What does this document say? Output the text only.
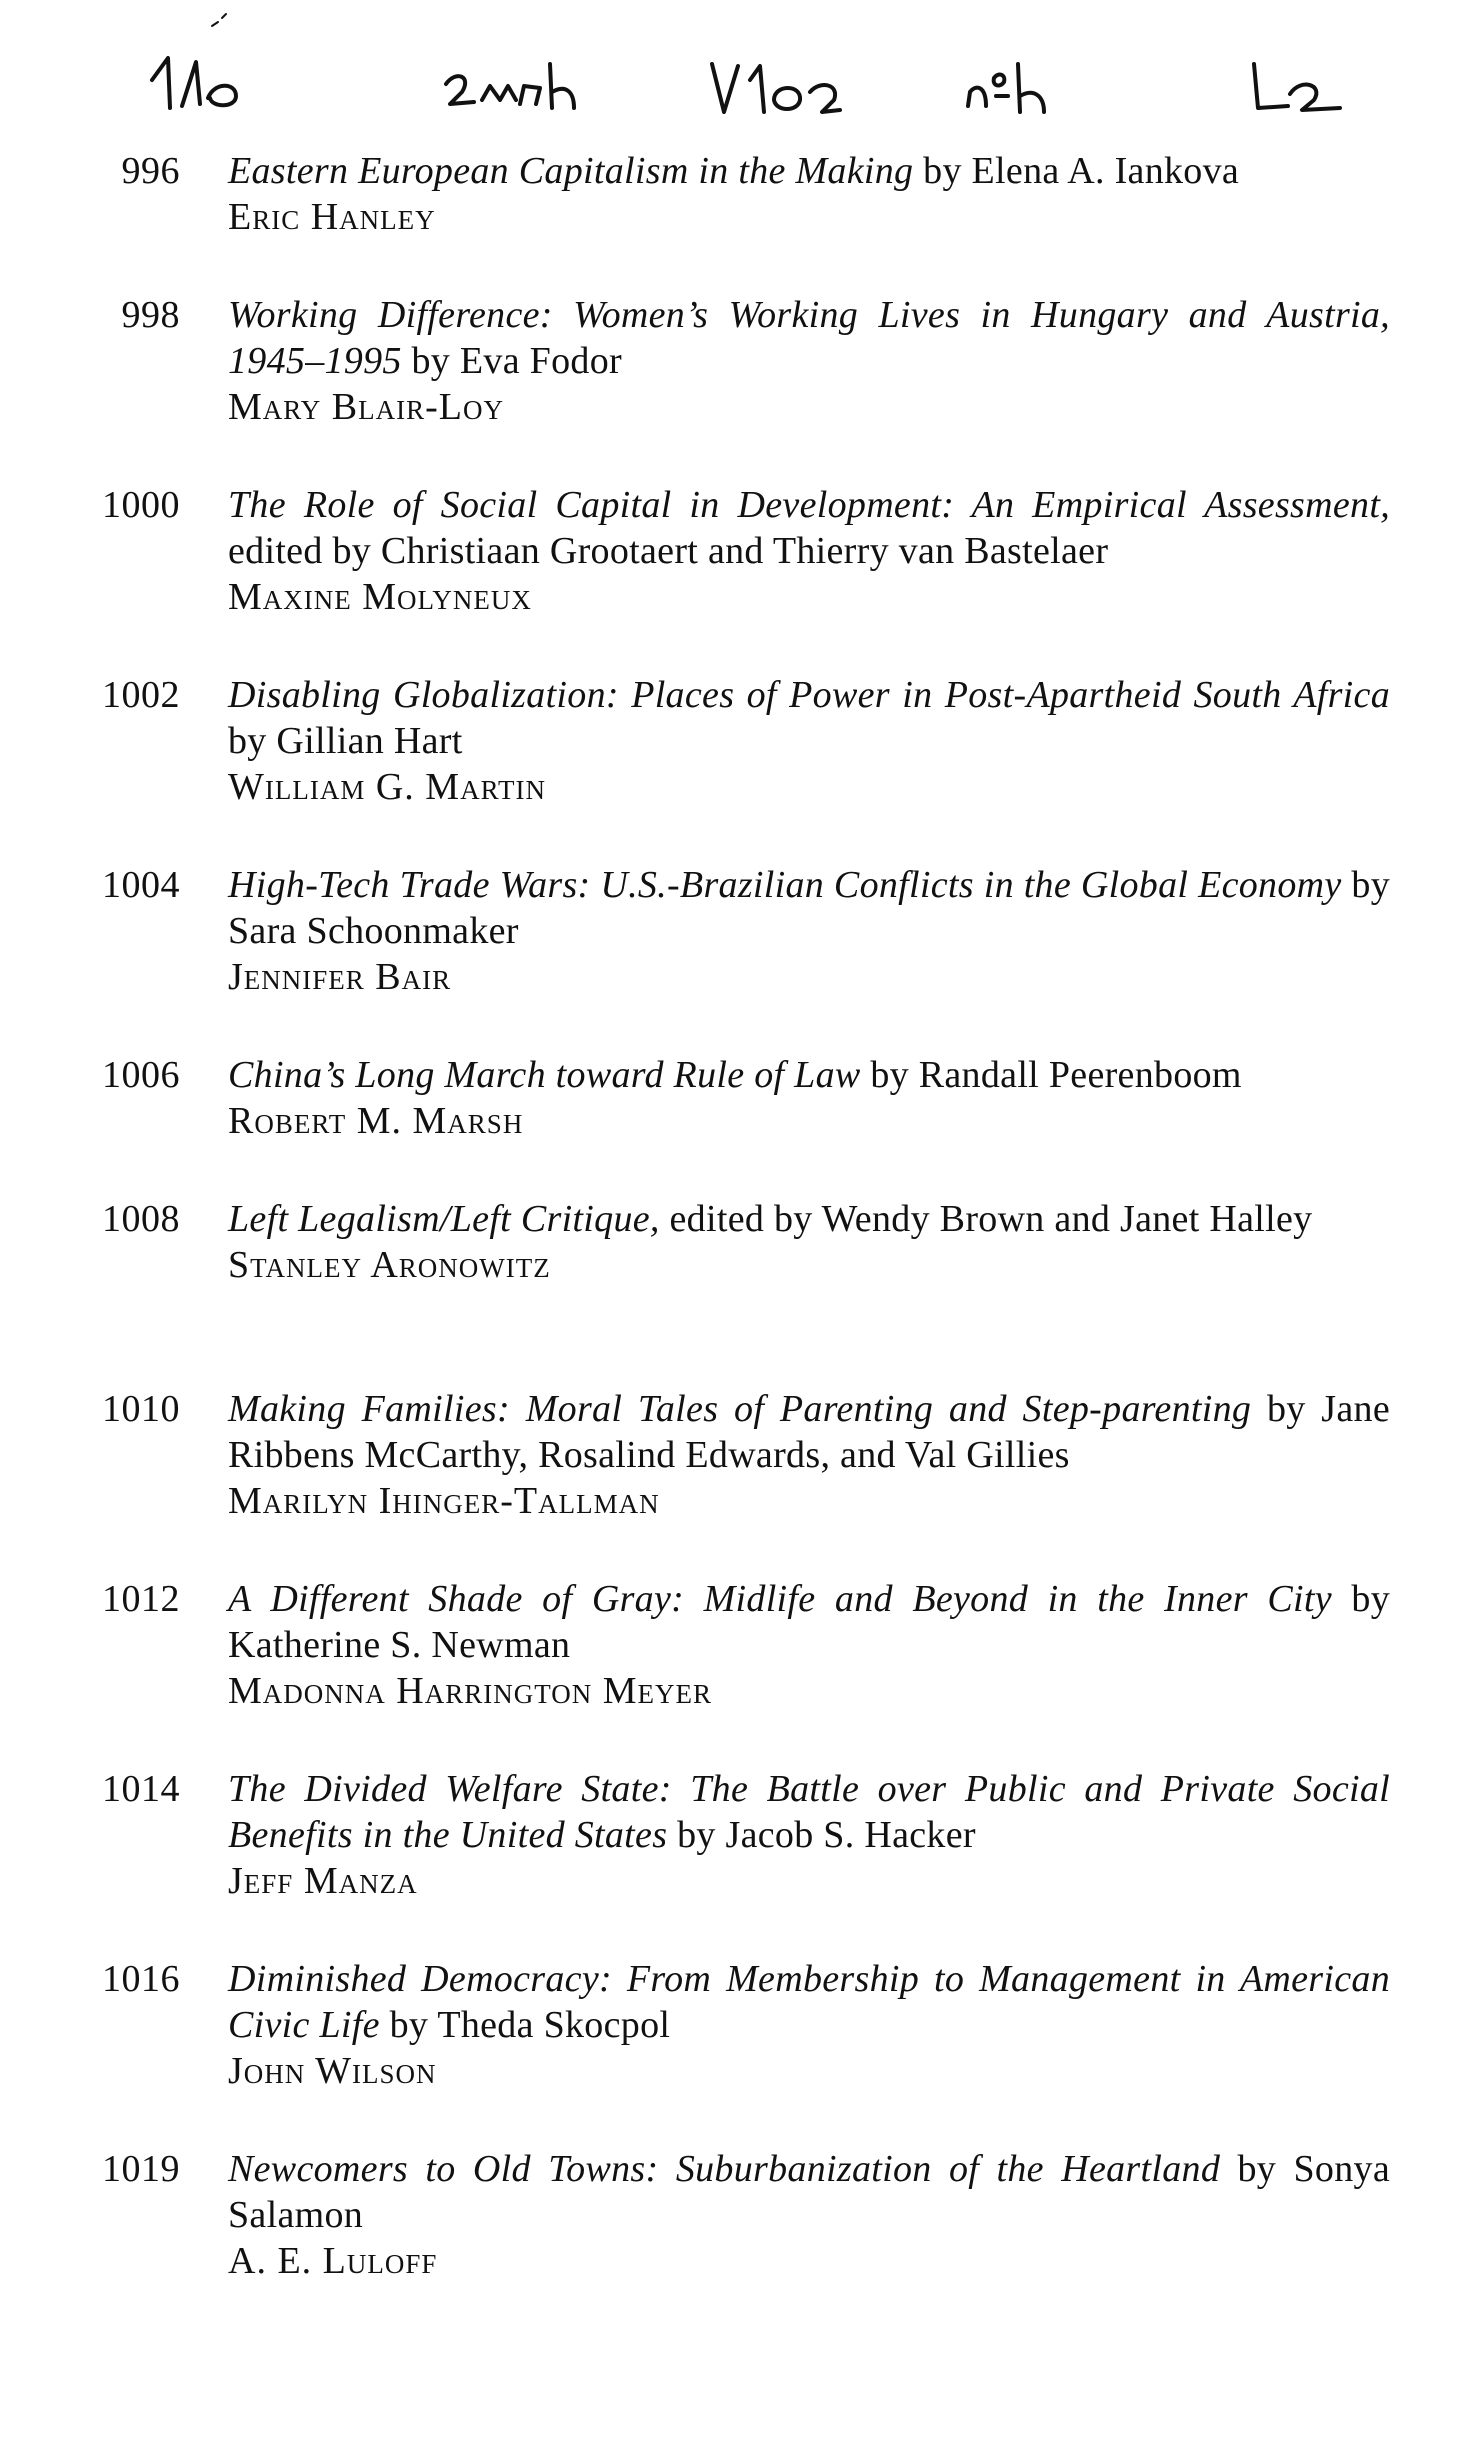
996 Eastern European Capitalism in the Making by Elena A. Iankova
Eric Hanley
998 Working Difference: Women’s Working Lives in Hungary and Austria, 1945–1995 by Eva Fodor
Mary Blair-Loy
1000 The Role of Social Capital in Development: An Empirical Assessment, edited by Christiaan Grootaert and Thierry van Bastelaer
Maxine Molyneux
1002 Disabling Globalization: Places of Power in Post-Apartheid South Africa by Gillian Hart
William G. Martin
1004 High-Tech Trade Wars: U.S.-Brazilian Conflicts in the Global Economy by Sara Schoonmaker
Jennifer Bair
1006 China’s Long March toward Rule of Law by Randall Peerenboom
Robert M. Marsh
1008 Left Legalism/Left Critique, edited by Wendy Brown and Janet Halley
Stanley Aronowitz
1010 Making Families: Moral Tales of Parenting and Step-parenting by Jane Ribbens McCarthy, Rosalind Edwards, and Val Gillies
Marilyn Ihinger-Tallman
1012 A Different Shade of Gray: Midlife and Beyond in the Inner City by Katherine S. Newman
Madonna Harrington Meyer
1014 The Divided Welfare State: The Battle over Public and Private Social Benefits in the United States by Jacob S. Hacker
Jeff Manza
1016 Diminished Democracy: From Membership to Management in American Civic Life by Theda Skocpol
John Wilson
1019 Newcomers to Old Towns: Suburbanization of the Heartland by Sonya Salamon
A. E. Luloff
